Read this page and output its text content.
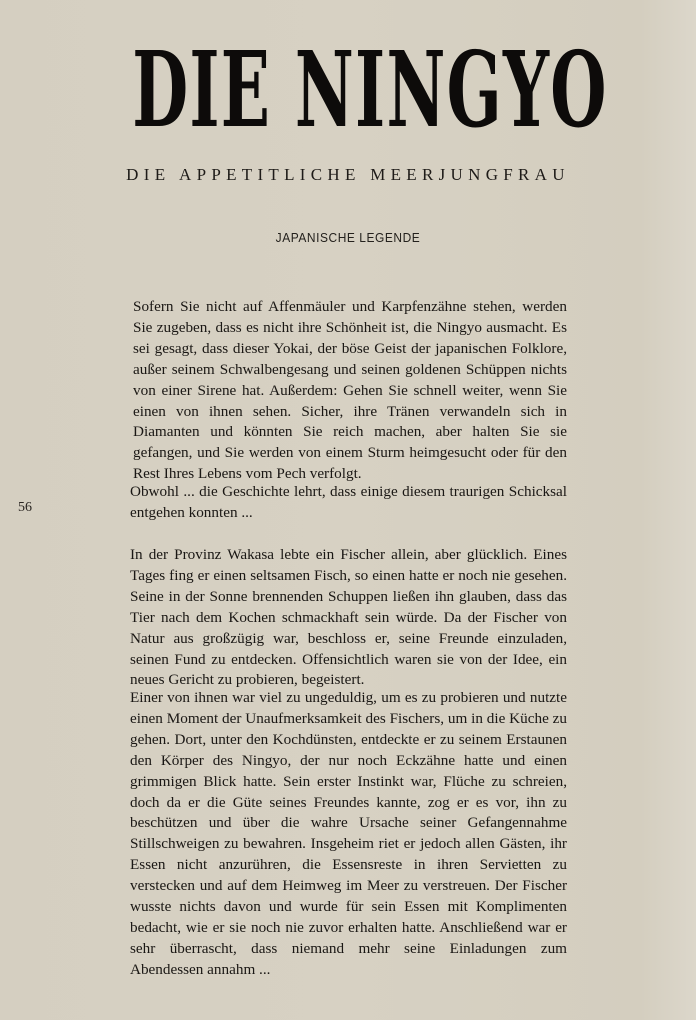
DIE NINGYO
DIE APPETITLICHE MEERJUNGFRAU
JAPANISCHE LEGENDE
56
Sofern Sie nicht auf Affenmäuler und Karpfenzähne stehen, werden Sie zugeben, dass es nicht ihre Schönheit ist, die Ningyo ausmacht. Es sei gesagt, dass dieser Yokai, der böse Geist der japanischen Folklore, außer seinem Schwalbengesang und seinen goldenen Schüppen nichts von einer Sirene hat. Außerdem: Gehen Sie schnell weiter, wenn Sie einen von ihnen sehen. Sicher, ihre Tränen verwandeln sich in Diamanten und könnten Sie reich machen, aber halten Sie sie gefangen, und Sie werden von einem Sturm heimgesucht oder für den Rest Ihres Lebens vom Pech verfolgt.
Obwohl ... die Geschichte lehrt, dass einige diesem traurigen Schicksal entgehen konnten ...
In der Provinz Wakasa lebte ein Fischer allein, aber glücklich. Eines Tages fing er einen seltsamen Fisch, so einen hatte er noch nie gesehen. Seine in der Sonne brennenden Schuppen ließen ihn glauben, dass das Tier nach dem Kochen schmackhaft sein würde. Da der Fischer von Natur aus großzügig war, beschloss er, seine Freunde einzuladen, seinen Fund zu entdecken. Offensichtlich waren sie von der Idee, ein neues Gericht zu probieren, begeistert.
Einer von ihnen war viel zu ungeduldig, um es zu probieren und nutzte einen Moment der Unaufmerksamkeit des Fischers, um in die Küche zu gehen. Dort, unter den Kochdünsten, entdeckte er zu seinem Erstaunen den Körper des Ningyo, der nur noch Eckzähne hatte und einen grimmigen Blick hatte. Sein erster Instinkt war, Flüche zu schreien, doch da er die Güte seines Freundes kannte, zog er es vor, ihn zu beschützen und über die wahre Ursache seiner Gefangennahme Stillschweigen zu bewahren. Insgeheim riet er jedoch allen Gästen, ihr Essen nicht anzurühren, die Essensreste in ihren Servietten zu verstecken und auf dem Heimweg im Meer zu verstreuen. Der Fischer wusste nichts davon und wurde für sein Essen mit Komplimenten bedacht, wie er sie noch nie zuvor erhalten hatte. Anschließend war er sehr überrascht, dass niemand mehr seine Einladungen zum Abendessen annahm ...
